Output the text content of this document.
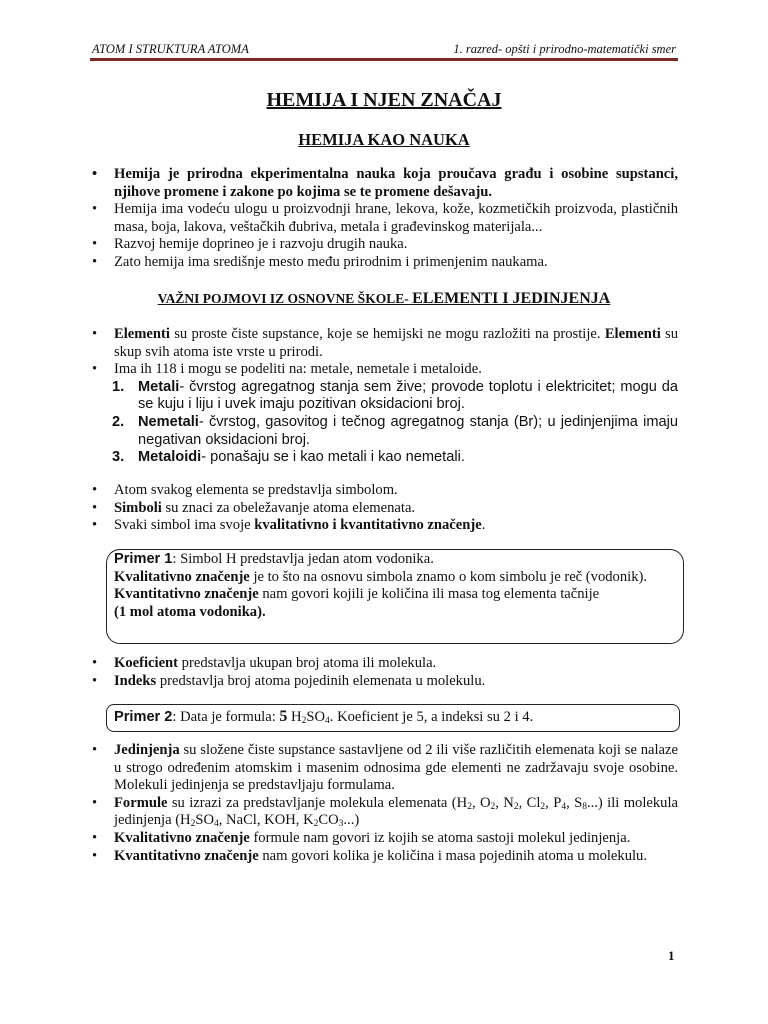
ATOM I STRUKTURA ATOMA	1. razred- opšti i prirodno-matematički smer
HEMIJA I NJEN ZNAČAJ
HEMIJA KAO NAUKA
• Hemija je prirodna ekperimentalna nauka koja proučava građu i osobine supstanci, njihove promene i zakone po kojima se te promene dešavaju.
• Hemija ima vodeću ulogu u proizvodnji hrane, lekova, kože, kozmetičkih proizvoda, plastičnih masa, boja, lakova, veštačkih đubriva, metala i građevinskog materijala...
• Razvoj hemije doprineo je i razvoju drugih nauka.
• Zato hemija ima središnje mesto među prirodnim i primenjenim naukama.
VAŽNI POJMOVI IZ OSNOVNE ŠKOLE- ELEMENTI I JEDINJENJA
• Elementi su proste čiste supstance, koje se hemijski ne mogu razložiti na prostije. Elementi su skup svih atoma iste vrste u prirodi.
• Ima ih 118 i mogu se podeliti na: metale, nemetale i metaloide.
1. Metali- čvrstog agregatnog stanja sem žive; provode toplotu i elektricitet; mogu da se kuju i liju i uvek imaju pozitivan oksidacioni broj.
2. Nemetali- čvrstog, gasovitog i tečnog agregatnog stanja (Br); u jedinjenjima imaju negativan oksidacioni broj.
3. Metaloidi- ponašaju se i kao metali i kao nemetali.
• Atom svakog elementa se predstavlja simbolom.
• Simboli su znaci za obeležavanje atoma elemenata.
• Svaki simbol ima svoje kvalitativno i kvantitativno značenje.
Primer 1: Simbol H predstavlja jedan atom vodonika.
Kvalitativno značenje je to što na osnovu simbola znamo o kom simbolu je reč (vodonik).
Kvantitativno značenje nam govori kojili je količina ili masa tog elementa tačnije
(1 mol atoma vodonika).
• Koeficient predstavlja ukupan broj atoma ili molekula.
• Indeks predstavlja broj atoma pojedinih elemenata u molekulu.
Primer 2: Data je formula: 5 $H_2SO_4$. Koeficient je 5, a indeksi su 2 i 4.
• Jedinjenja su složene čiste supstance sastavljene od 2 ili više različitih elemenata koji se nalaze u strogo određenim atomskim i masenim odnosima gde elementi ne zadržavaju svoje osobine. Molekuli jedinjenja se predstavljaju formulama.
• Formule su izrazi za predstavljanje molekula elemenata ($H_2$, $O_2$, $N_2$, $Cl_2$, $P_4$, $S_8$...) ili molekula jedinjenja ($H_2SO_4$, NaCl, KOH, $K_2CO_3$...)
• Kvalitativno značenje formule nam govori iz kojih se atoma sastoji molekul jedinjenja.
• Kvantitativno značenje nam govori kolika je količina i masa pojedinih atoma u molekulu.
1
